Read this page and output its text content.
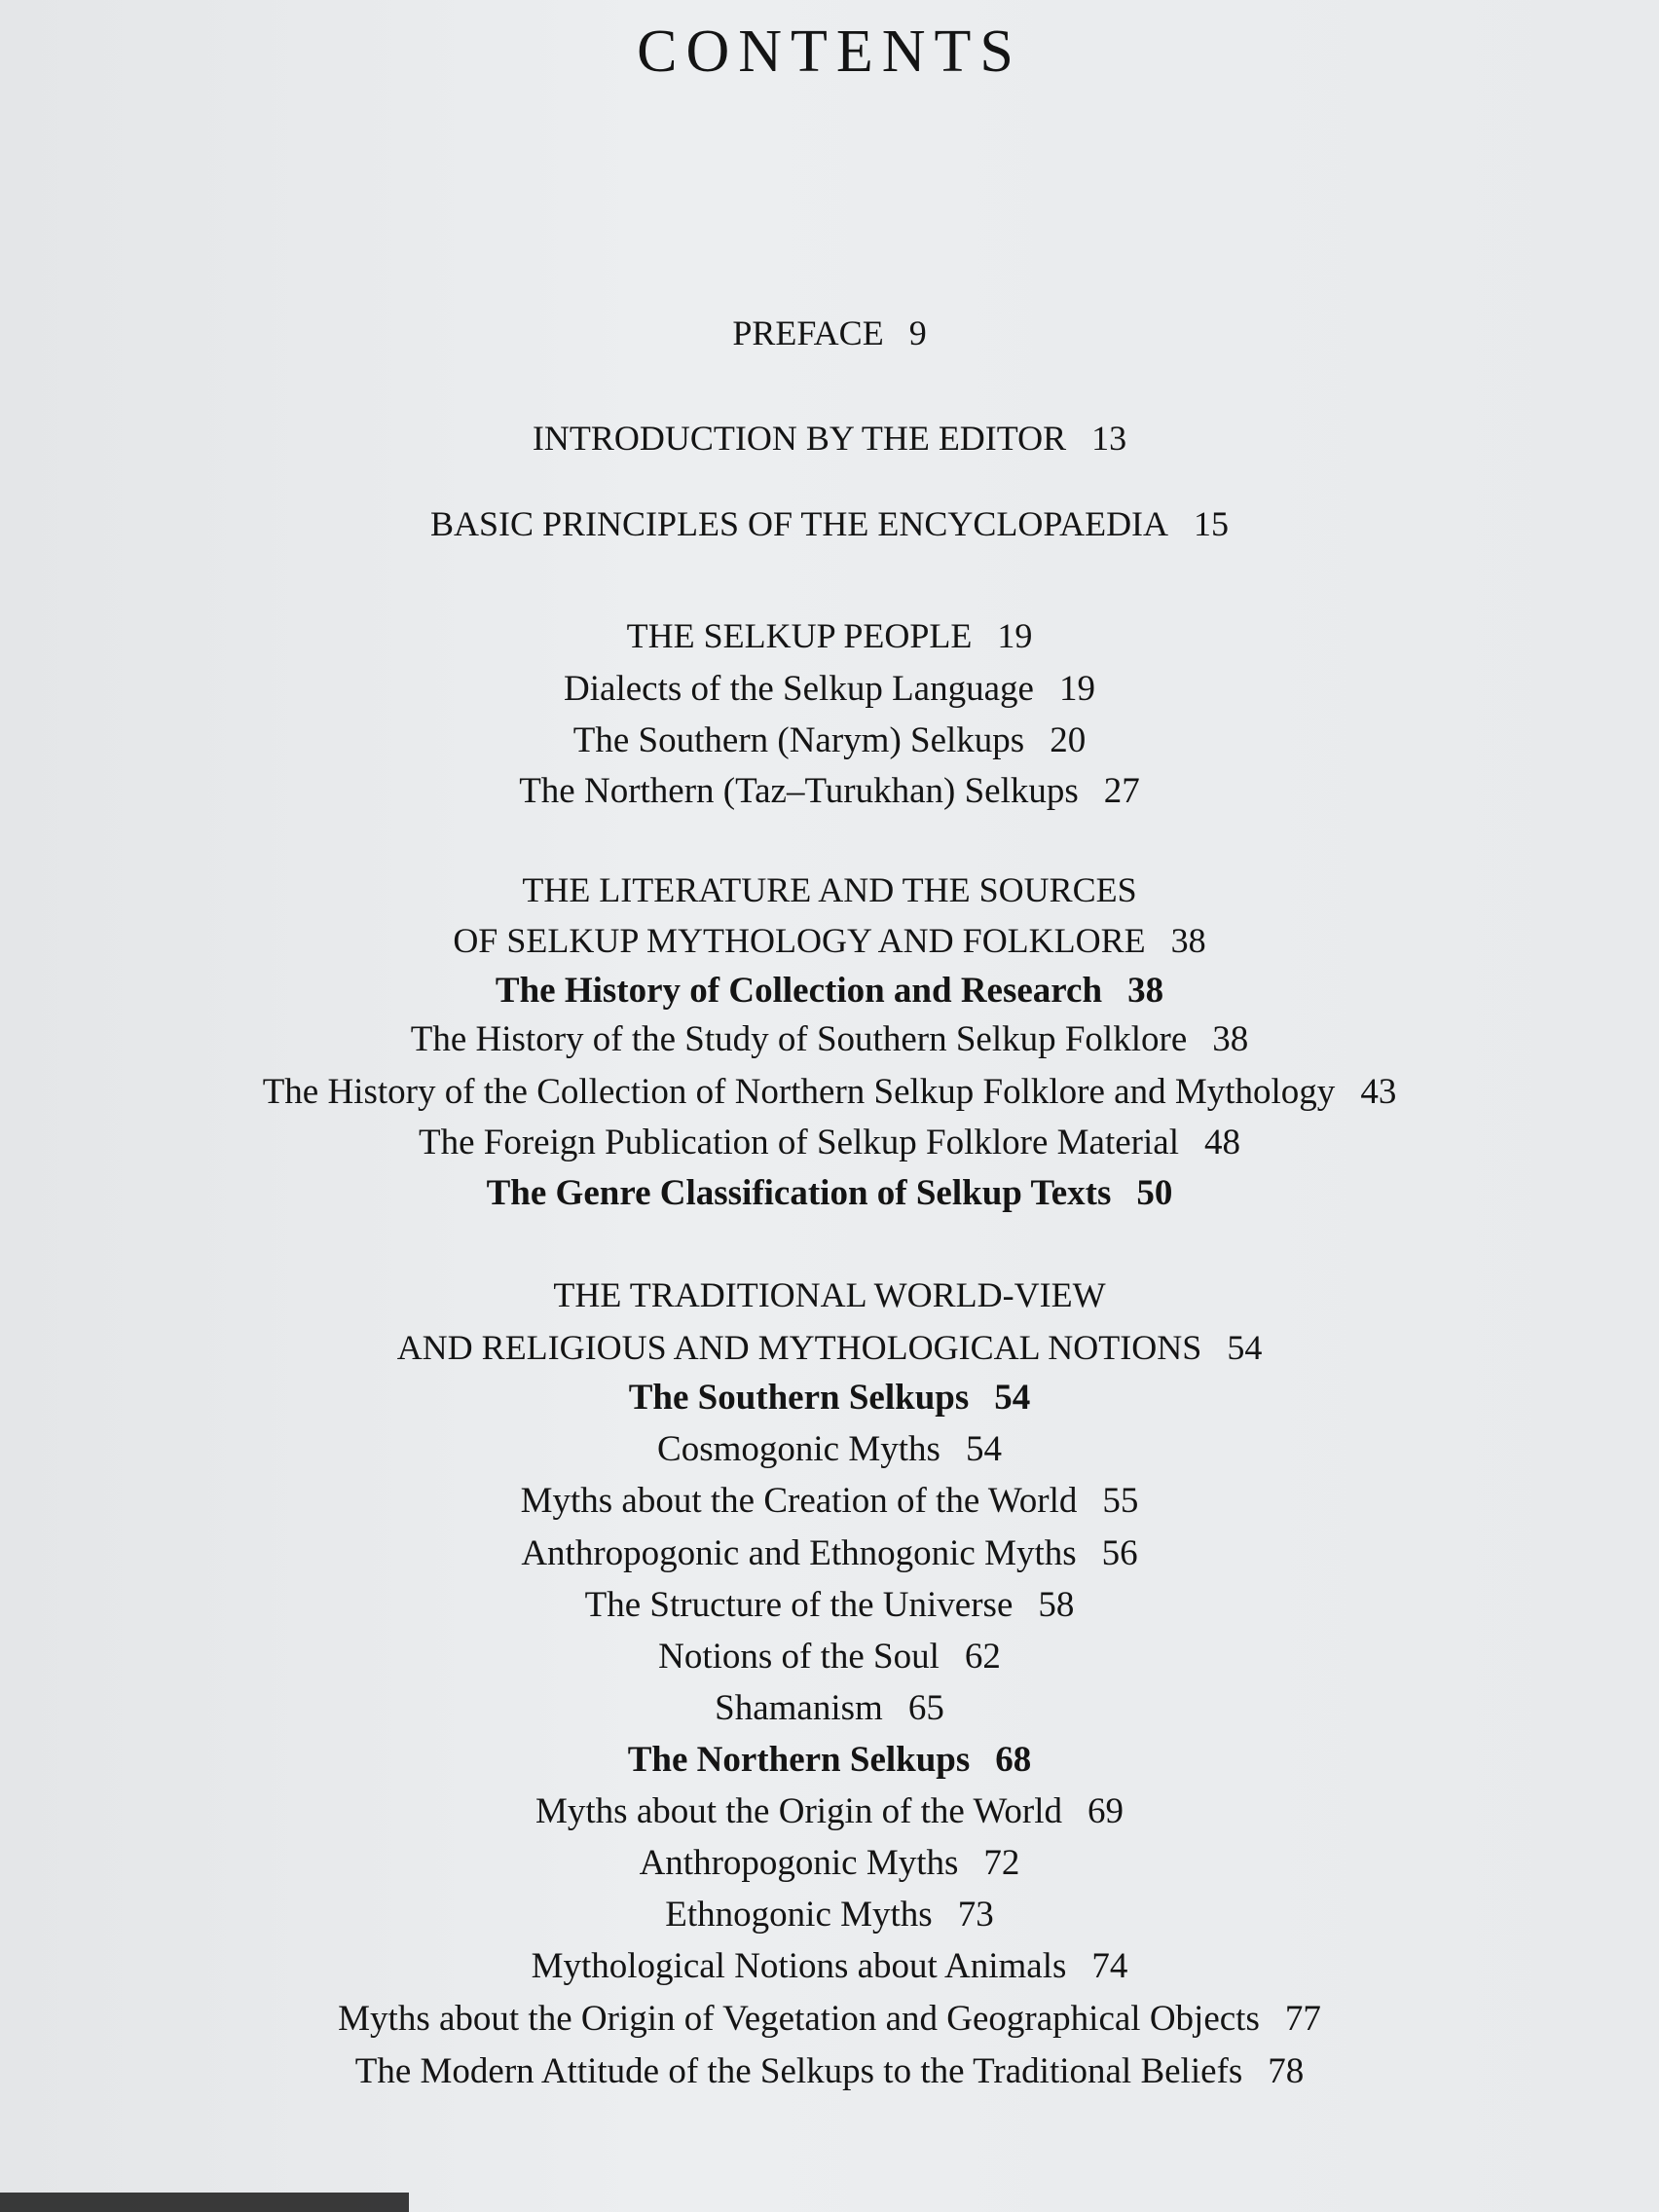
CONTENTS
PREFACE 9
INTRODUCTION BY THE EDITOR 13
BASIC PRINCIPLES OF THE ENCYCLOPAEDIA 15
THE SELKUP PEOPLE 19
Dialects of the Selkup Language 19
The Southern (Narym) Selkups 20
The Northern (Taz–Turukhan) Selkups 27
THE LITERATURE AND THE SOURCES
OF SELKUP MYTHOLOGY AND FOLKLORE 38
The History of Collection and Research 38
The History of the Study of Southern Selkup Folklore 38
The History of the Collection of Northern Selkup Folklore and Mythology 43
The Foreign Publication of Selkup Folklore Material 48
The Genre Classification of Selkup Texts 50
THE TRADITIONAL WORLD-VIEW
AND RELIGIOUS AND MYTHOLOGICAL NOTIONS 54
The Southern Selkups 54
Cosmogonic Myths 54
Myths about the Creation of the World 55
Anthropogonic and Ethnogonic Myths 56
The Structure of the Universe 58
Notions of the Soul 62
Shamanism 65
The Northern Selkups 68
Myths about the Origin of the World 69
Anthropogonic Myths 72
Ethnogonic Myths 73
Mythological Notions about Animals 74
Myths about the Origin of Vegetation and Geographical Objects 77
The Modern Attitude of the Selkups to the Traditional Beliefs 78
